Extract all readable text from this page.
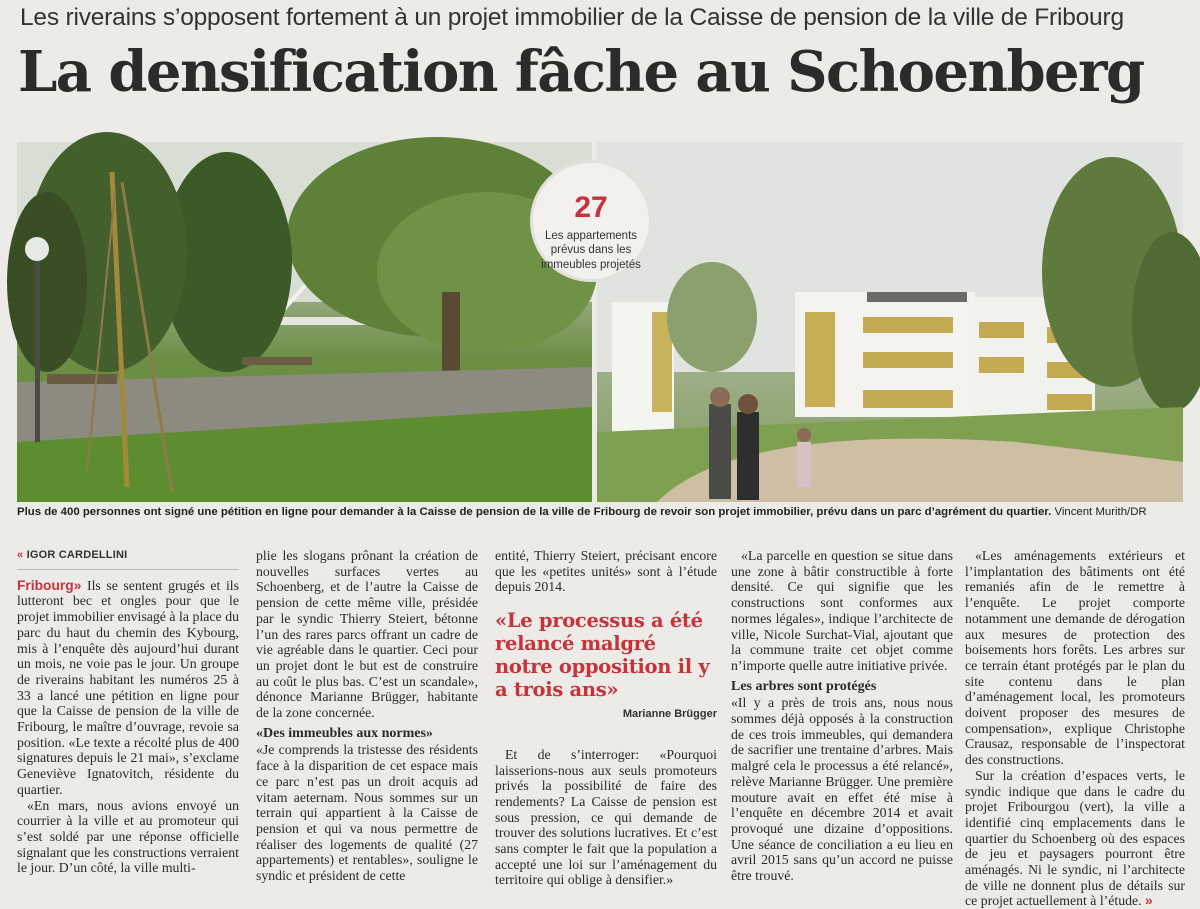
Les riverains s’opposent fortement à un projet immobilier de la Caisse de pension de la ville de Fribourg
La densification fâche au Schoenberg
27
Les appartements prévus dans les immeubles projetés
Plus de 400 personnes ont signé une pétition en ligne pour demander à la Caisse de pension de la ville de Fribourg de revoir son projet immobilier, prévu dans un parc d’agrément du quartier. Vincent Murith/DR
« IGOR CARDELLINI

Fribourg» Ils se sentent grugés et ils lutteront bec et ongles pour que le projet immobilier envisagé à la place du parc du haut du chemin des Kybourg, mis à l’enquête dès aujourd’hui durant un mois, ne voie pas le jour. Un groupe de riverains habitant les numéros 25 à 33 a lancé une pétition en ligne pour que la Caisse de pension de la ville de Fribourg, le maître d’ouvrage, revoie sa position. «Le texte a récolté plus de 400 signatures depuis le 21 mai», s’exclame Geneviève Ignatovitch, résidente du quartier.

«En mars, nous avions envoyé un courrier à la ville et au promoteur qui s’est soldé par une réponse officielle signalant que les constructions verraient le jour. D’un côté, la ville multi-

plie les slogans prônant la création de nouvelles surfaces vertes au Schoenberg, et de l’autre la Caisse de pension de cette même ville, présidée par le syndic Thierry Steiert, bétonne l’un des rares parcs offrant un cadre de vie agréable dans le quartier. Ceci pour un projet dont le but est de construire au coût le plus bas. C’est un scandale», dénonce Marianne Brügger, habitante de la zone concernée.

«Des immeubles aux normes»

«Je comprends la tristesse des résidents face à la disparition de cet espace mais ce parc n’est pas un droit acquis ad vitam aeternam. Nous sommes sur un terrain qui appartient à la Caisse de pension et qui va nous permettre de réaliser des logements de qualité (27 appartements) et rentables», souligne le syndic et président de cette

entité, Thierry Steiert, précisant encore que les «petites unités» sont à l’étude depuis 2014.

«Le processus a été relancé malgré notre opposition il y a trois ans»
Marianne Brügger

Et de s’interroger: «Pourquoi laisserions-nous aux seuls promoteurs privés la possibilité de faire des rendements? La Caisse de pension est sous pression, ce qui demande de trouver des solutions lucratives. Et c’est sans compter le fait que la population a accepté une loi sur l’aménagement du territoire qui oblige à densifier.»

«La parcelle en question se situe dans une zone à bâtir constructible à forte densité. Ce qui signifie que les constructions sont conformes aux normes légales», indique l’architecte de ville, Nicole Surchat-Vial, ajoutant que la commune traite cet objet comme n’importe quelle autre initiative privée.

Les arbres sont protégés

«Il y a près de trois ans, nous nous sommes déjà opposés à la construction de ces trois immeubles, qui demandera de sacrifier une trentaine d’arbres. Mais malgré cela le processus a été relancé», relève Marianne Brügger. Une première mouture avait en effet été mise à l’enquête en décembre 2014 et avait provoqué une dizaine d’oppositions. Une séance de conciliation a eu lieu en avril 2015 sans qu’un accord ne puisse être trouvé.

«Les aménagements extérieurs et l’implantation des bâtiments ont été remaniés afin de le remettre à l’enquête. Le projet comporte notamment une demande de dérogation aux mesures de protection des boisements hors forêts. Les arbres sur ce terrain étant protégés par le plan du site contenu dans le plan d’aménagement local, les promoteurs doivent proposer des mesures de compensation», explique Christophe Crausaz, responsable de l’inspectorat des constructions.

Sur la création d’espaces verts, le syndic indique que dans le cadre du projet Fribourgou (vert), la ville a identifié cinq emplacements dans le quartier du Schoenberg où des espaces de jeu et paysagers pourront être aménagés. Ni le syndic, ni l’architecte de ville ne donnent plus de détails sur ce projet actuellement à l’étude. »
